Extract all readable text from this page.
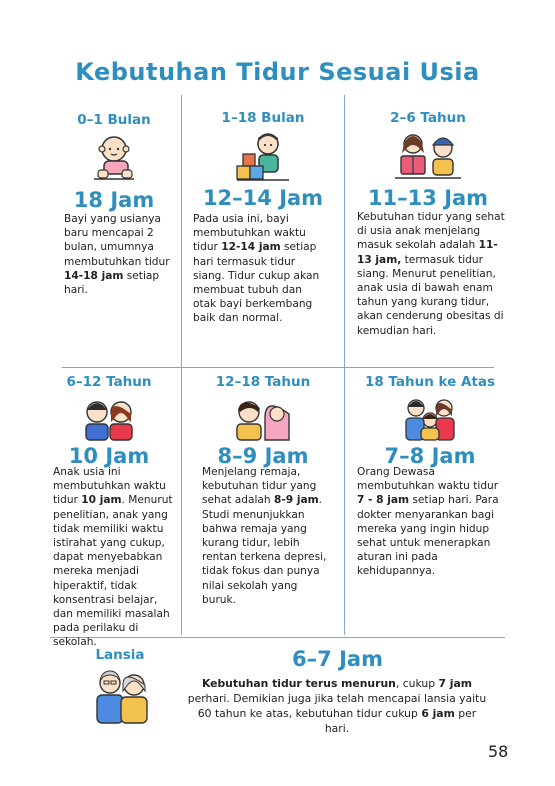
Kebutuhan Tidur Sesuai Usia
0–1 Bulan
18 Jam
Bayi yang usianya baru mencapai 2 bulan, umumnya membutuhkan tidur 14-18 jam setiap hari.
1–18 Bulan
12–14 Jam
Pada usia ini, bayi membutuhkan waktu tidur 12-14 jam setiap hari termasuk tidur siang. Tidur cukup akan membuat tubuh dan otak bayi berkembang baik dan normal.
2–6 Tahun
11–13 Jam
Kebutuhan tidur yang sehat di usia anak menjelang masuk sekolah adalah 11-13 jam, termasuk tidur siang. Menurut penelitian, anak usia di bawah enam tahun yang kurang tidur, akan cenderung obesitas di kemudian hari.
6–12 Tahun
10 Jam
Anak usia ini membutuhkan waktu tidur 10 jam. Menurut penelitian, anak yang tidak memiliki waktu istirahat yang cukup, dapat menyebabkan mereka menjadi hiperaktif, tidak konsentrasi belajar, dan memiliki masalah pada perilaku di sekolah.
12–18 Tahun
8–9 Jam
Menjelang remaja, kebutuhan tidur yang sehat adalah 8-9 jam. Studi menunjukkan bahwa remaja yang kurang tidur, lebih rentan terkena depresi, tidak fokus dan punya nilai sekolah yang buruk.
18 Tahun ke Atas
7–8 Jam
Orang Dewasa membutuhkan waktu tidur 7 - 8 jam setiap hari. Para dokter menyarankan bagi mereka yang ingin hidup sehat untuk menerapkan aturan ini pada kehidupannya.
Lansia	6–7 Jam
Kebutuhan tidur terus menurun, cukup 7 jam perhari. Demikian juga jika telah mencapai lansia yaitu 60 tahun ke atas, kebutuhan tidur cukup 6 jam per hari.
58
